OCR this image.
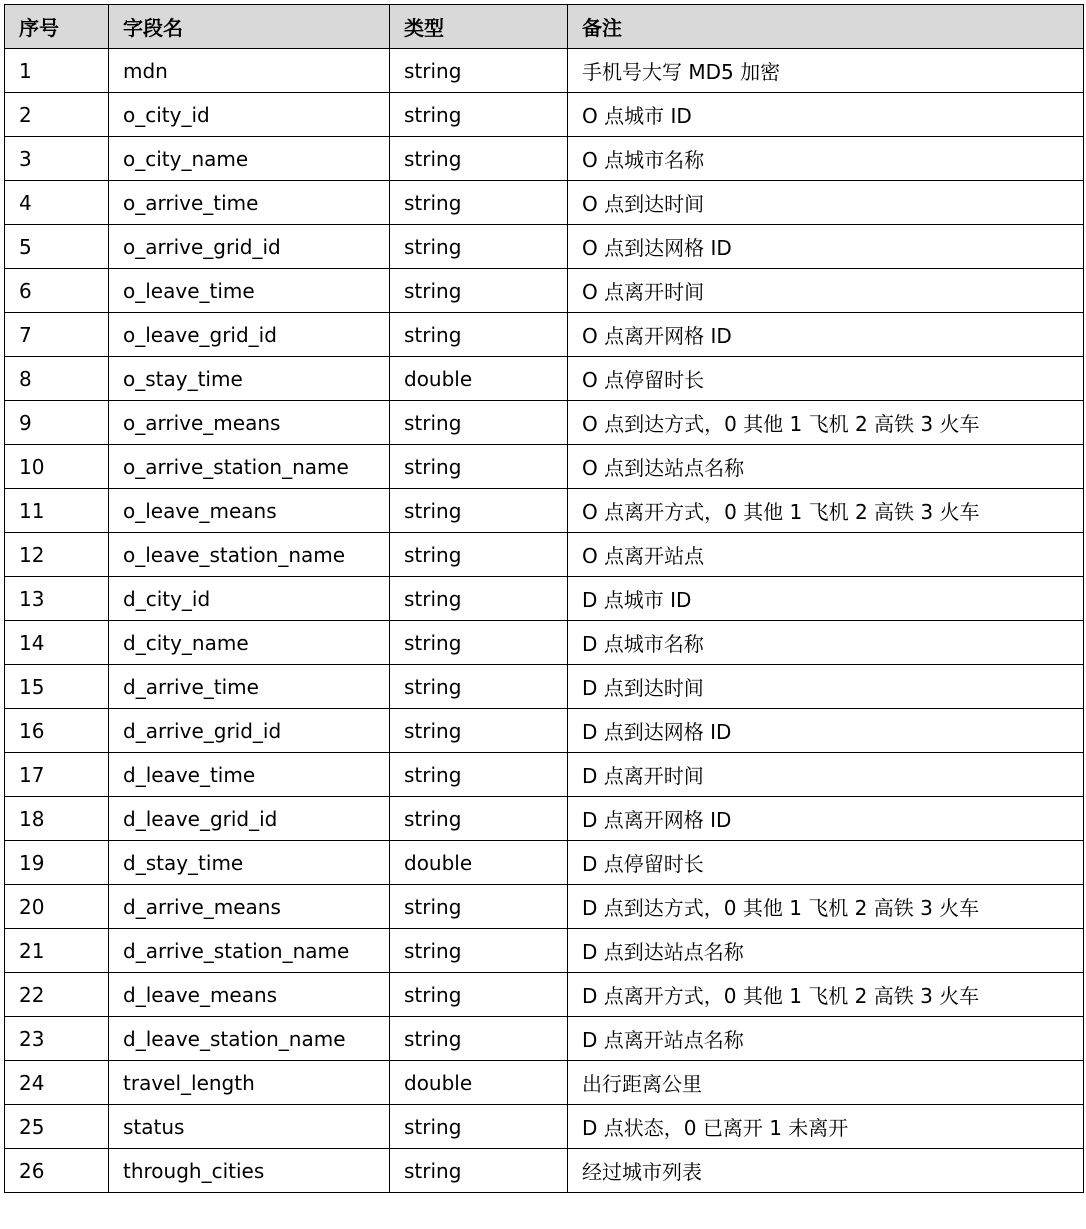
序号	字段名	类型	备注
1	mdn	string	手机号大写 MD5 加密
2	o_city_id	string	O 点城市 ID
3	o_city_name	string	O 点城市名称
4	o_arrive_time	string	O 点到达时间
5	o_arrive_grid_id	string	O 点到达网格 ID
6	o_leave_time	string	O 点离开时间
7	o_leave_grid_id	string	O 点离开网格 ID
8	o_stay_time	double	O 点停留时长
9	o_arrive_means	string	O 点到达方式，0 其他 1 飞机 2 高铁 3 火车
10	o_arrive_station_name	string	O 点到达站点名称
11	o_leave_means	string	O 点离开方式，0 其他 1 飞机 2 高铁 3 火车
12	o_leave_station_name	string	O 点离开站点
13	d_city_id	string	D 点城市 ID
14	d_city_name	string	D 点城市名称
15	d_arrive_time	string	D 点到达时间
16	d_arrive_grid_id	string	D 点到达网格 ID
17	d_leave_time	string	D 点离开时间
18	d_leave_grid_id	string	D 点离开网格 ID
19	d_stay_time	double	D 点停留时长
20	d_arrive_means	string	D 点到达方式，0 其他 1 飞机 2 高铁 3 火车
21	d_arrive_station_name	string	D 点到达站点名称
22	d_leave_means	string	D 点离开方式，0 其他 1 飞机 2 高铁 3 火车
23	d_leave_station_name	string	D 点离开站点名称
24	travel_length	double	出行距离公里
25	status	string	D 点状态，0 已离开 1 未离开
26	through_cities	string	经过城市列表
